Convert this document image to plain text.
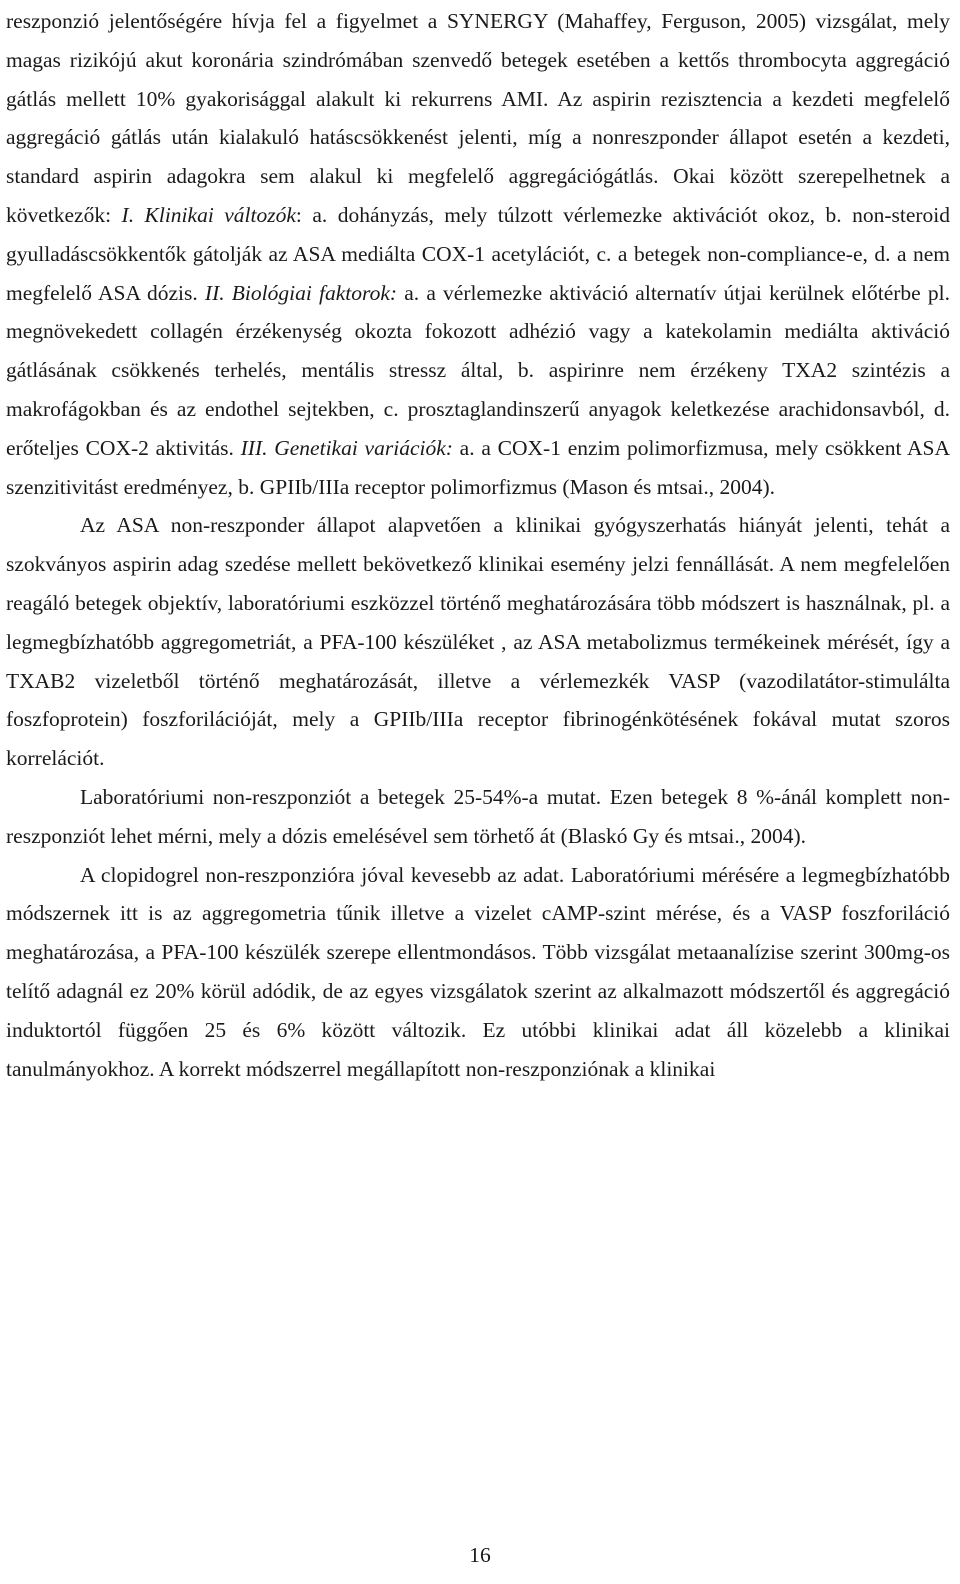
reszponzió jelentőségére hívja fel a figyelmet a SYNERGY (Mahaffey, Ferguson, 2005) vizsgálat, mely magas rizikójú akut koronária szindrómában szenvedő betegek esetében a kettős thrombocyta aggregáció gátlás mellett 10% gyakorisággal alakult ki rekurrens AMI. Az aspirin rezisztencia a kezdeti megfelelő aggregáció gátlás után kialakuló hatáscsökkenést jelenti, míg a nonreszponder állapot esetén a kezdeti, standard aspirin adagokra sem alakul ki megfelelő aggregációgátlás. Okai között szerepelhetnek a következők: I. Klinikai változók: a. dohányzás, mely túlzott vérlemezke aktivációt okoz, b. non-steroid gyulladáscsökkentők gátolják az ASA mediálta COX-1 acetylációt, c. a betegek non-compliance-e, d. a nem megfelelő ASA dózis. II. Biológiai faktorok: a. a vérlemezke aktiváció alternatív útjai kerülnek előtérbe pl. megnövekedett collagén érzékenység okozta fokozott adhézió vagy a katekolamin mediálta aktiváció gátlásának csökkenés terhelés, mentális stressz által, b. aspirinre nem érzékeny TXA2 szintézis a makrofágokban és az endothel sejtekben, c. prosztaglandinszerű anyagok keletkezése arachidonsavból, d. erőteljes COX-2 aktivitás. III. Genetikai variációk: a. a COX-1 enzim polimorfizmusa, mely csökkent ASA szenzitivitást eredményez, b. GPIIb/IIIa receptor polimorfizmus (Mason és mtsai., 2004).

Az ASA non-reszponder állapot alapvetően a klinikai gyógyszerhatás hiányát jelenti, tehát a szokványos aspirin adag szedése mellett bekövetkező klinikai esemény jelzi fennállását. A nem megfelelően reagáló betegek objektív, laboratóriumi eszközzel történő meghatározására több módszert is használnak, pl. a legmegbízhatóbb aggregometriát, a PFA-100 készüléket , az ASA metabolizmus termékeinek mérését, így a TXAB2 vizeletből történő meghatározását, illetve a vérlemezkék VASP (vazodilatátor-stimulálta foszfoprotein) foszforilációját, mely a GPIIb/IIIa receptor fibrinogénkötésének fokával mutat szoros korrelációt.

Laboratóriumi non-reszponziót a betegek 25-54%-a mutat. Ezen betegek 8 %-ánál komplett non-reszponziót lehet mérni, mely a dózis emelésével sem törhető át (Blaskó Gy és mtsai., 2004).

A clopidogrel non-reszponzióra jóval kevesebb az adat. Laboratóriumi mérésére a legmegbízhatóbb módszernek itt is az aggregometria tűnik illetve a vizelet cAMP-szint mérése, és a VASP foszforiláció meghatározása, a PFA-100 készülék szerepe ellentmondásos. Több vizsgálat metaanalízise szerint 300mg-os telítő adagnál ez 20% körül adódik, de az egyes vizsgálatok szerint az alkalmazott módszertől és aggregáció induktortól függően 25 és 6% között változik. Ez utóbbi klinikai adat áll közelebb a klinikai tanulmányokhoz. A korrekt módszerrel megállapított non-reszponziónak a klinikai

16
